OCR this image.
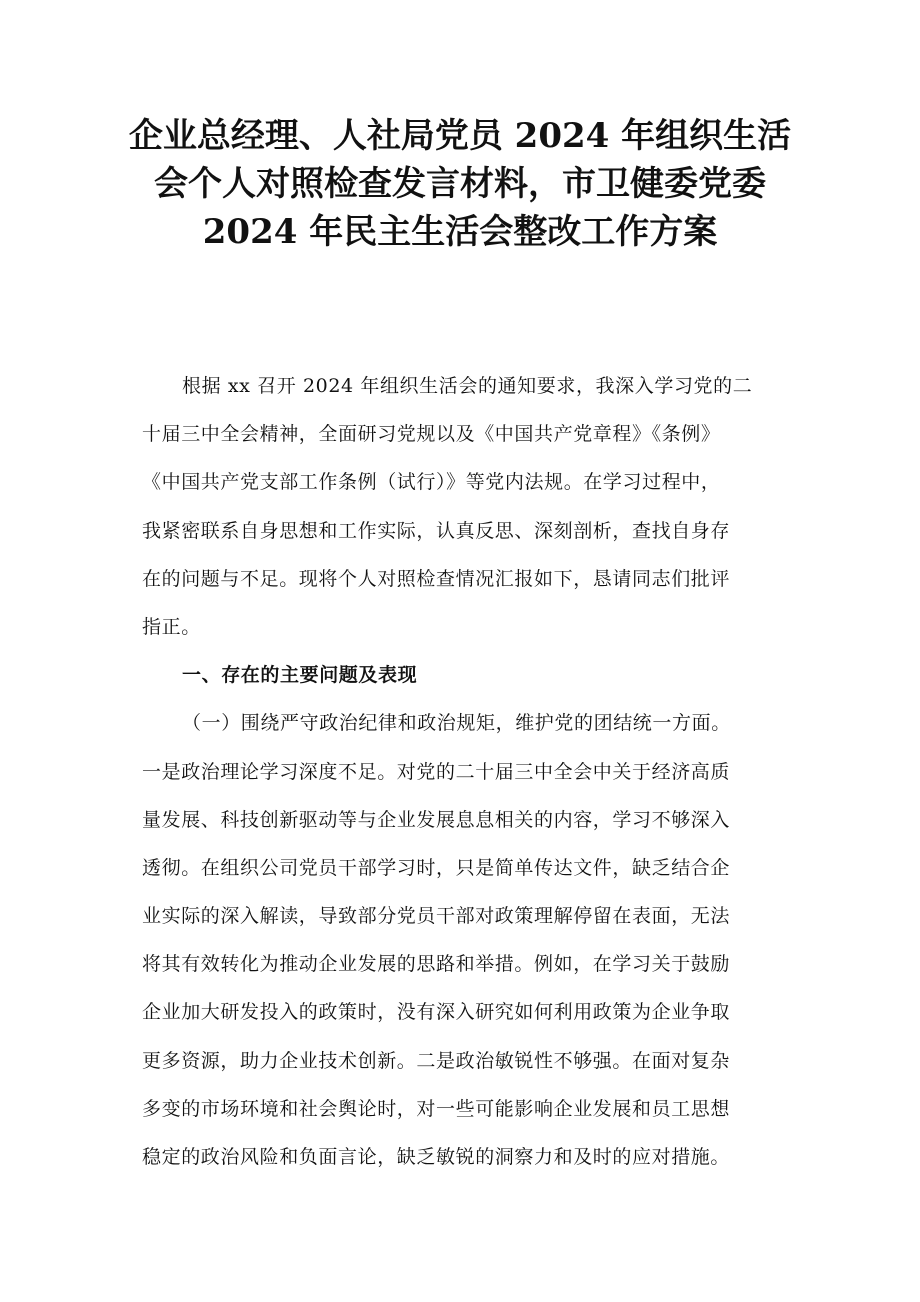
企业总经理、人社局党员 2024 年组织生活
会个人对照检查发言材料，市卫健委党委
2024 年民主生活会整改工作方案
根据 xx 召开 2024 年组织生活会的通知要求，我深入学习党的二
十届三中全会精神，全面研习党规以及《中国共产党章程》《条例》
《中国共产党支部工作条例（试行）》等党内法规。在学习过程中，
我紧密联系自身思想和工作实际，认真反思、深刻剖析，查找自身存
在的问题与不足。现将个人对照检查情况汇报如下，恳请同志们批评
指正。
一、存在的主要问题及表现
（一）围绕严守政治纪律和政治规矩，维护党的团结统一方面。
一是政治理论学习深度不足。对党的二十届三中全会中关于经济高质
量发展、科技创新驱动等与企业发展息息相关的内容，学习不够深入
透彻。在组织公司党员干部学习时，只是简单传达文件，缺乏结合企
业实际的深入解读，导致部分党员干部对政策理解停留在表面，无法
将其有效转化为推动企业发展的思路和举措。例如，在学习关于鼓励
企业加大研发投入的政策时，没有深入研究如何利用政策为企业争取
更多资源，助力企业技术创新。二是政治敏锐性不够强。在面对复杂
多变的市场环境和社会舆论时，对一些可能影响企业发展和员工思想
稳定的政治风险和负面言论，缺乏敏锐的洞察力和及时的应对措施。
